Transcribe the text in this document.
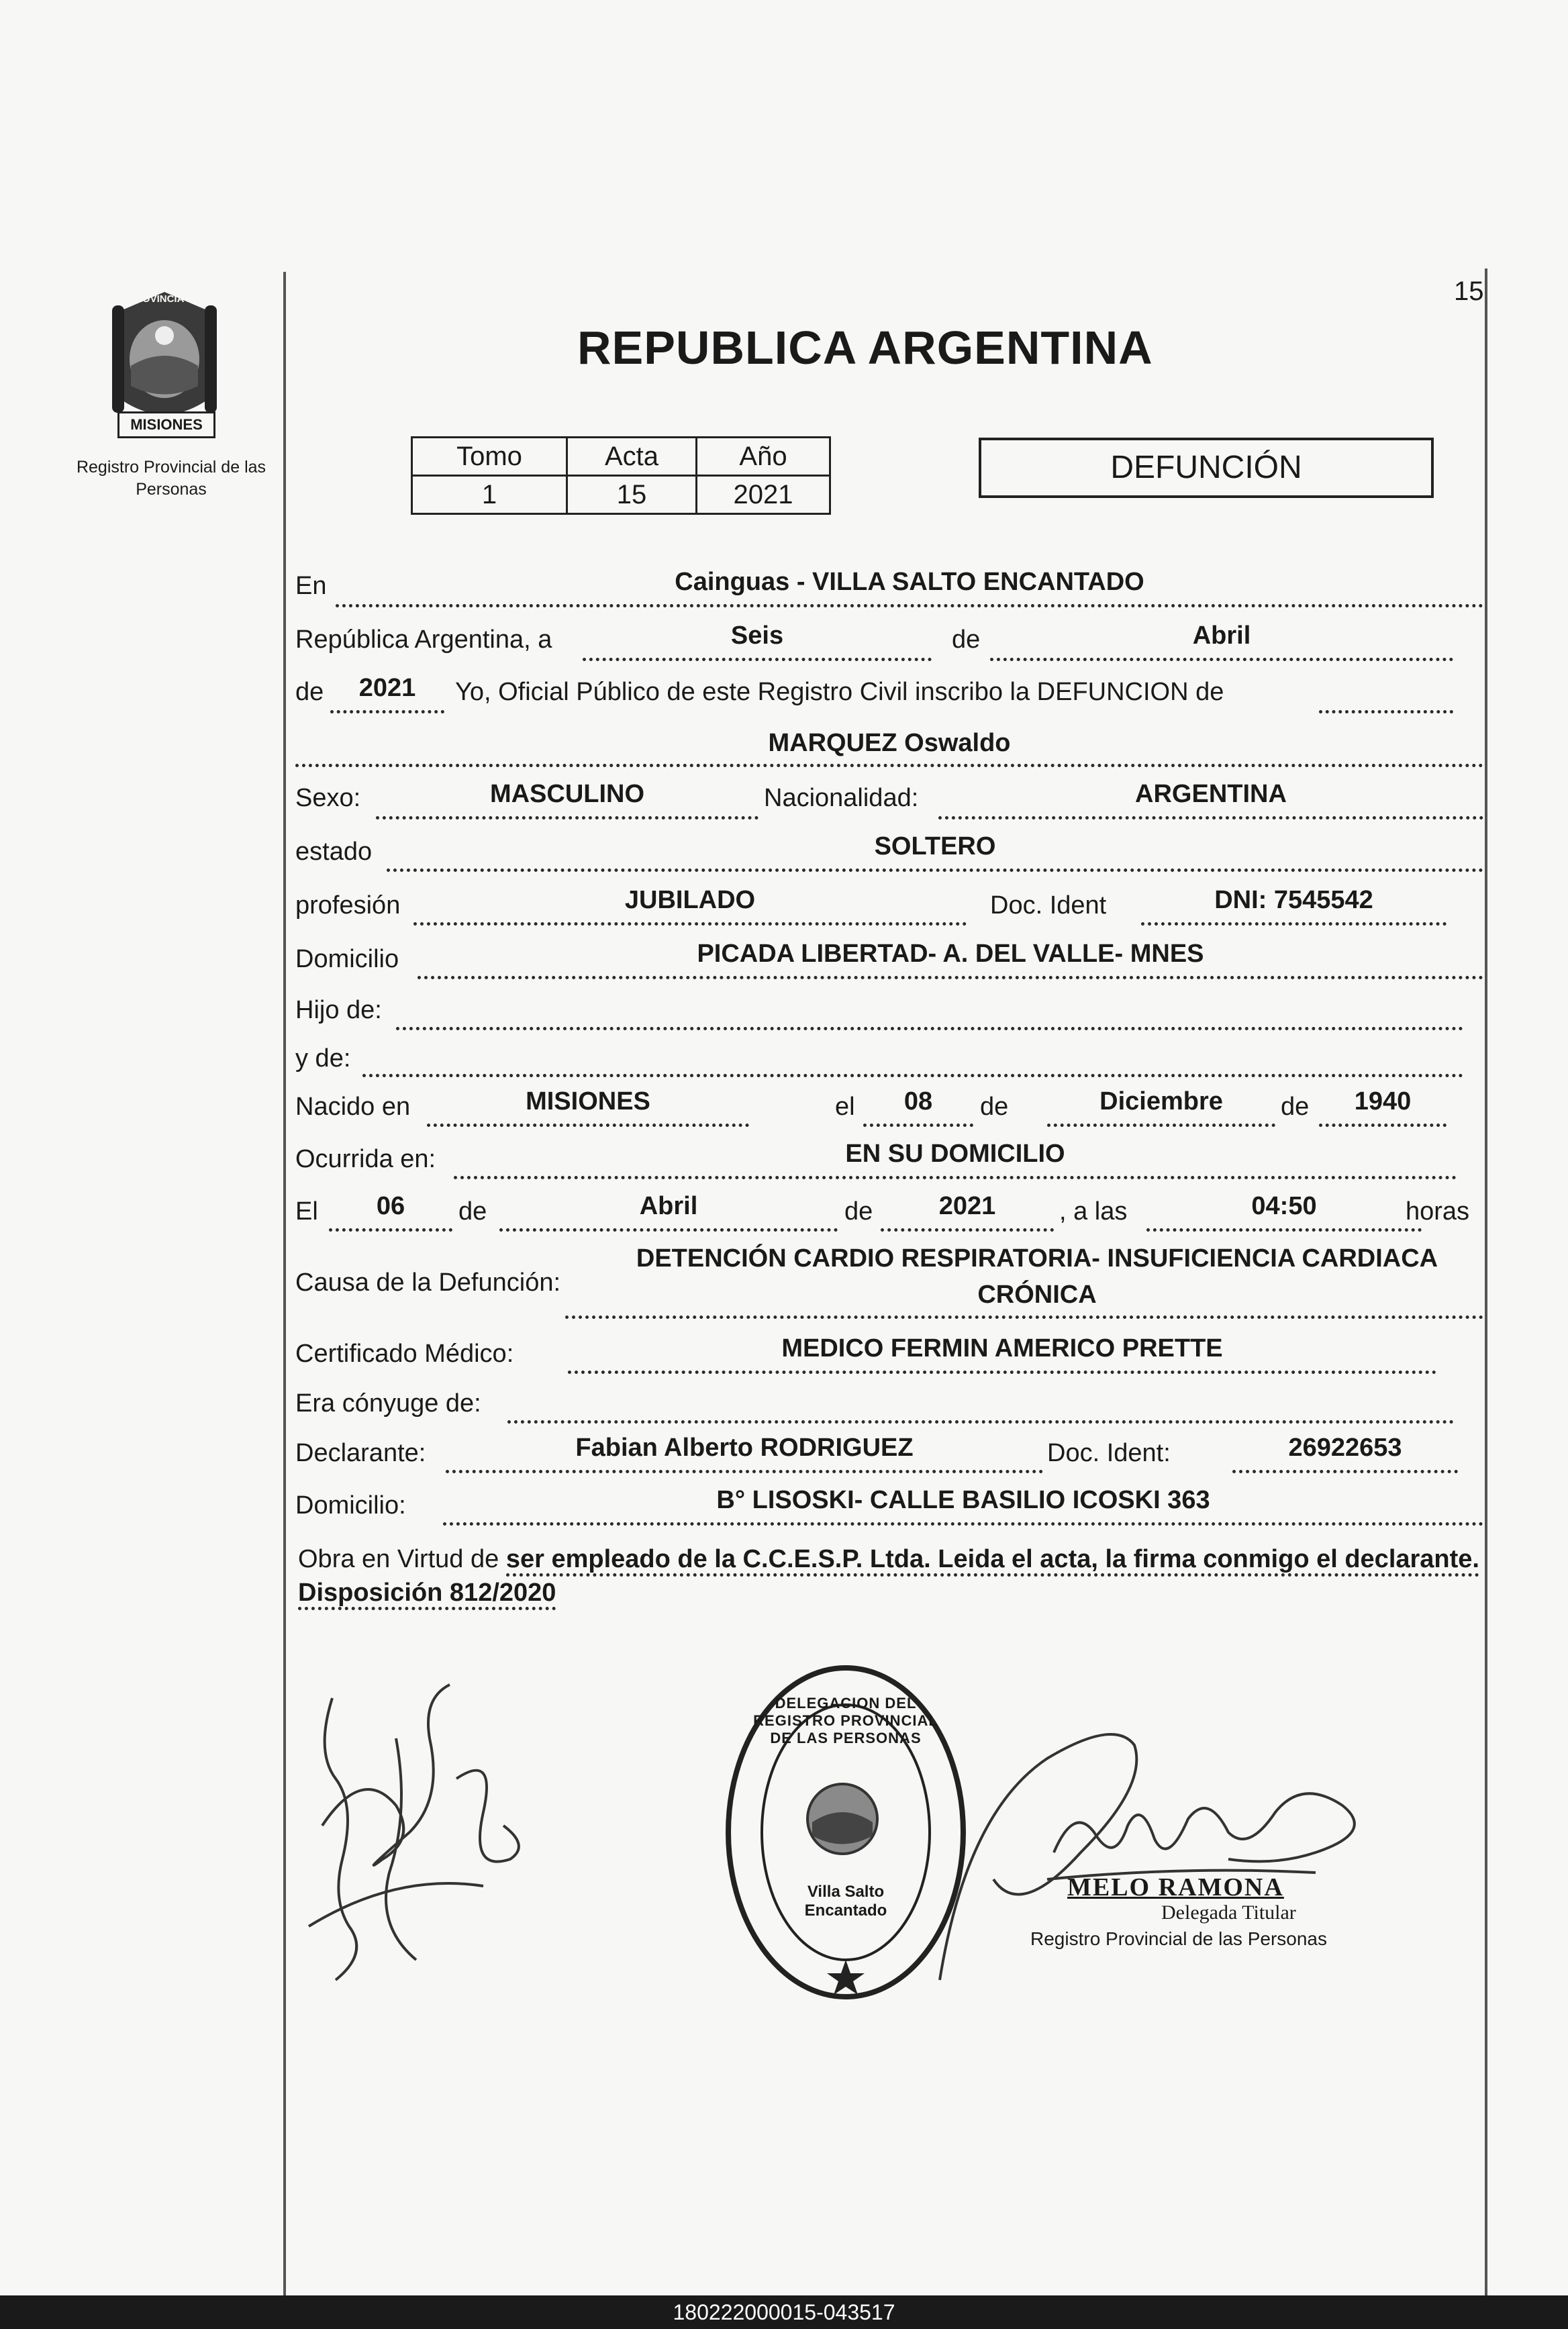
15
PROVINCIA DE
MISIONES
Registro Provincial de las Personas
REPUBLICA ARGENTINA
Tomo	Acta	Año
1	15	2021
DEFUNCIÓN
En	Cainguas - VILLA SALTO ENCANTADO
República Argentina, a	Seis	de	Abril
de	2021	Yo, Oficial Público de este Registro Civil inscribo la DEFUNCION de
MARQUEZ Oswaldo
Sexo:	MASCULINO	Nacionalidad:	ARGENTINA
estado	SOLTERO
profesión	JUBILADO	Doc. Ident	DNI: 7545542
Domicilio	PICADA LIBERTAD- A. DEL VALLE- MNES
Hijo de:
y de:
Nacido en	MISIONES	el	08	de	Diciembre	de	1940
Ocurrida en:	EN SU DOMICILIO
El	06	de	Abril	de	2021	, a las	04:50	horas
Causa de la Defunción:
DETENCIÓN CARDIO RESPIRATORIA- INSUFICIENCIA CARDIACA
CRÓNICA
Certificado Médico:	MEDICO FERMIN AMERICO PRETTE
Era cónyuge de:
Declarante:	Fabian Alberto RODRIGUEZ	Doc. Ident:	26922653
Domicilio:	B° LISOSKI- CALLE BASILIO ICOSKI 363
Obra en Virtud de ser empleado de la C.C.E.S.P. Ltda. Leida el acta, la firma conmigo el declarante. Disposición 812/2020
DELEGACION DEL REGISTRO PROVINCIAL DE LAS PERSONAS
Villa Salto Encantado
MELO RAMONA
Delegada Titular
Registro Provincial de las Personas
180222000015-043517
